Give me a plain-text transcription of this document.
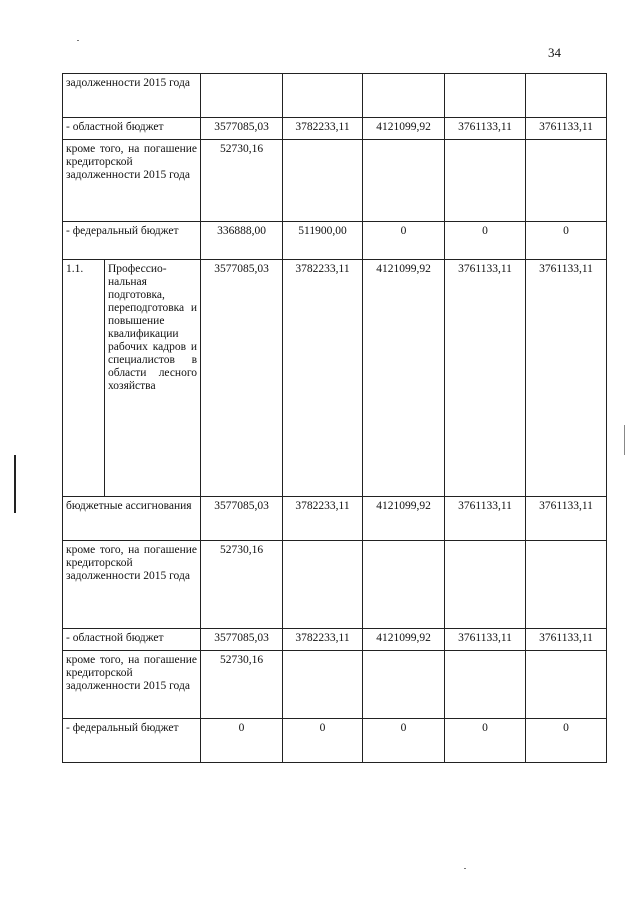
34
задолженности 2015 года						
- областной бюджет		3577085,03	3782233,11	4121099,92	3761133,11	3761133,11
кроме того, на погашение кредиторской задолженности 2015 года		52730,16				
- федеральный бюджет		336888,00	511900,00	0	0	0
1.1.	Профессио-нальная подготовка, переподготовка и повышение квалификации рабочих кадров и специалистов в области лесного хозяйства	3577085,03	3782233,11	4121099,92	3761133,11	3761133,11
бюджетные ассигнования		3577085,03	3782233,11	4121099,92	3761133,11	3761133,11
кроме того, на погашение кредиторской задолженности 2015 года		52730,16				
- областной бюджет		3577085,03	3782233,11	4121099,92	3761133,11	3761133,11
кроме того, на погашение кредиторской задолженности 2015 года		52730,16				
- федеральный бюджет		0	0	0	0	0
